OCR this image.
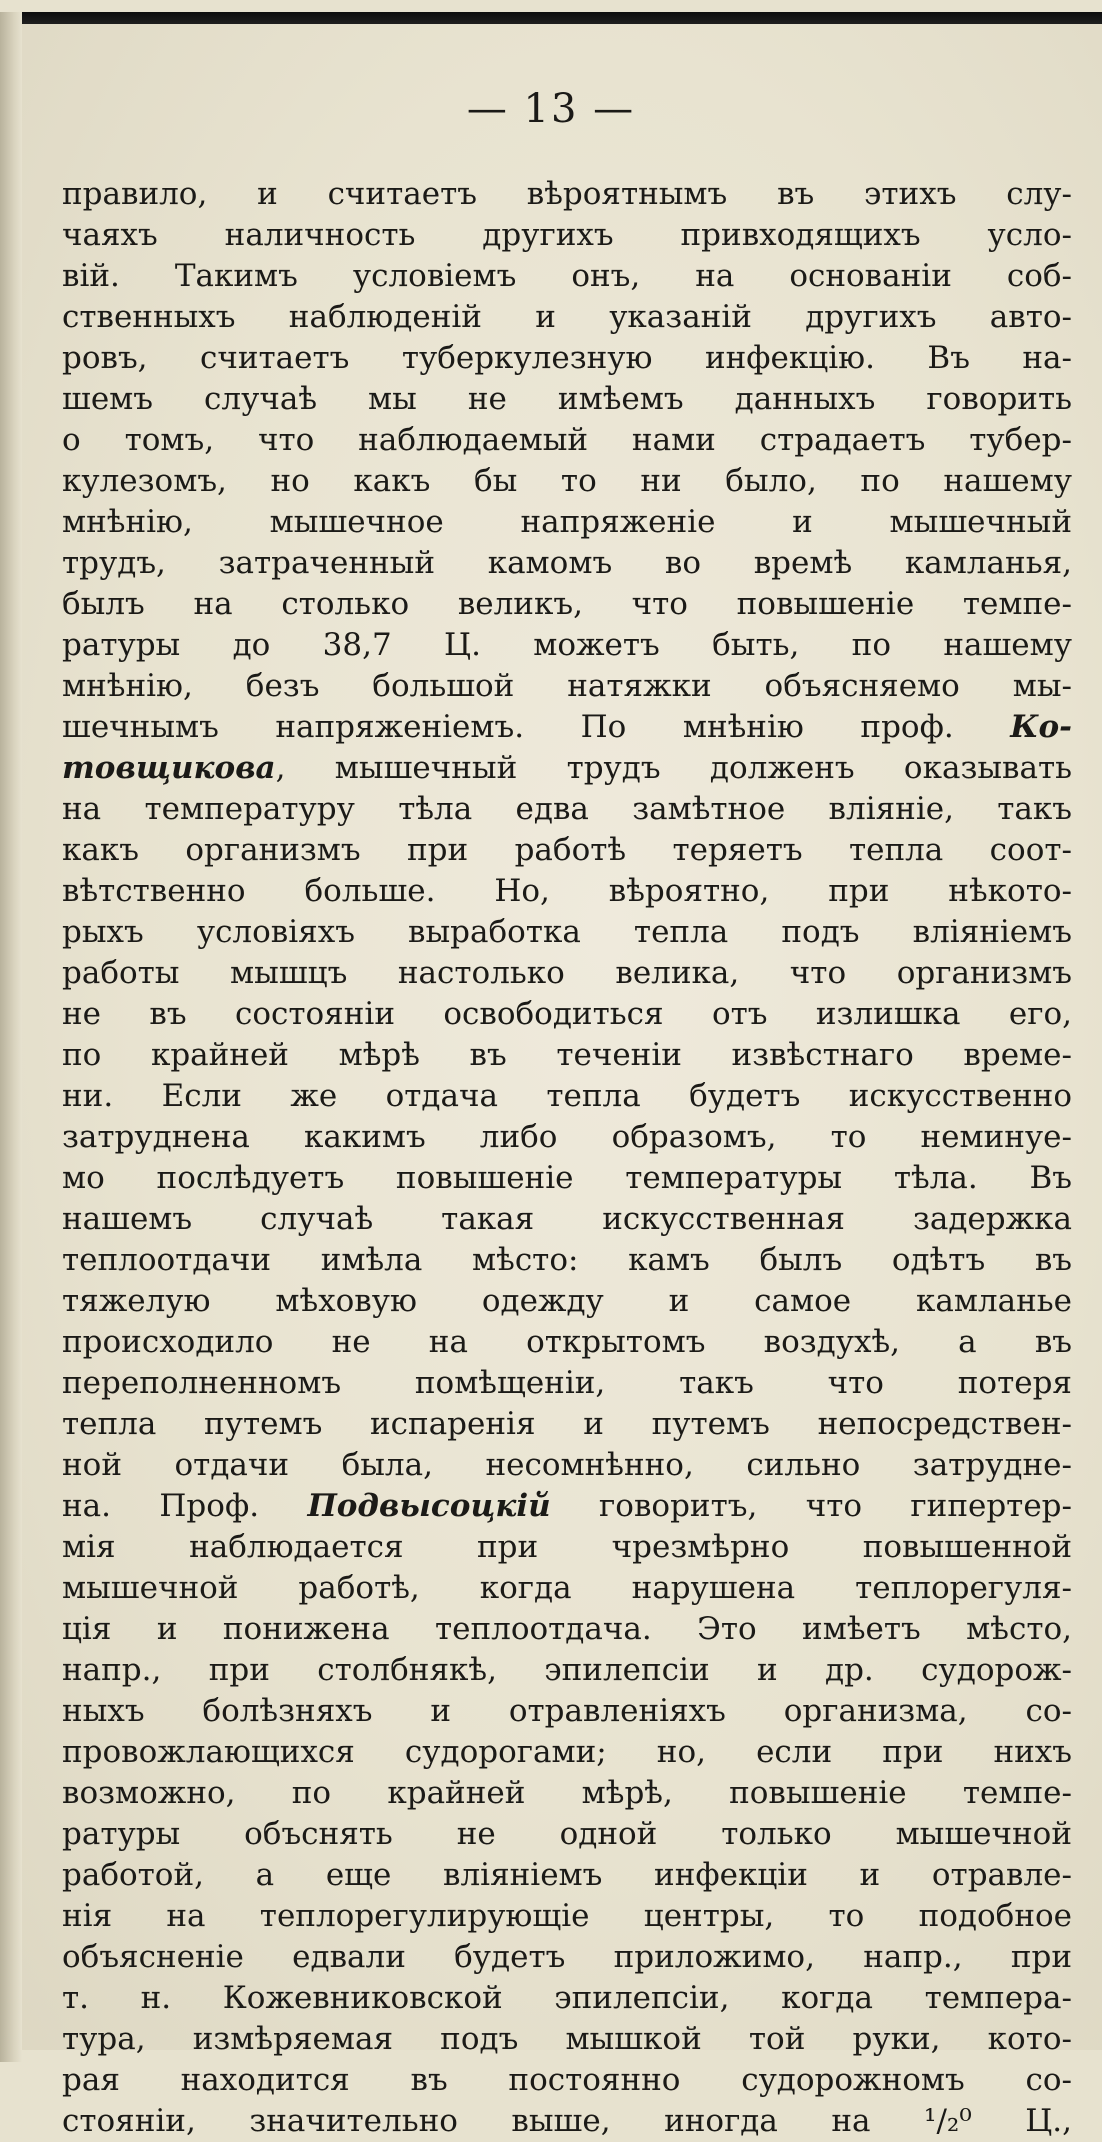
— 13 —
правило, и считаетъ вѣроятнымъ въ этихъ слу-
чаяхъ наличность другихъ привходящихъ усло-
вій. Такимъ условіемъ онъ, на основаніи соб-
ственныхъ наблюденій и указаній другихъ авто-
ровъ, считаетъ туберкулезную инфекцію. Въ на-
шемъ случаѣ мы не имѣемъ данныхъ говорить
о томъ, что наблюдаемый нами страдаетъ тубер-
кулезомъ, но какъ бы то ни было, по нашему
мнѣнію, мышечное напряженіе и мышечный
трудъ, затраченный камомъ во времѣ камланья,
былъ на столько великъ, что повышеніе темпе-
ратуры до 38,7 Ц. можетъ быть, по нашему
мнѣнію, безъ большой натяжки объясняемо мы-
шечнымъ напряженіемъ. По мнѣнію проф. Ко-
товщикова, мышечный трудъ долженъ оказывать
на температуру тѣла едва замѣтное вліяніе, такъ
какъ организмъ при работѣ теряетъ тепла соот-
вѣтственно больше. Но, вѣроятно, при нѣкото-
рыхъ условіяхъ выработка тепла подъ вліяніемъ
работы мышцъ настолько велика, что организмъ
не въ состояніи освободиться отъ излишка его,
по крайней мѣрѣ въ теченіи извѣстнаго време-
ни. Если же отдача тепла будетъ искусственно
затруднена какимъ либо образомъ, то неминуе-
мо послѣдуетъ повышеніе температуры тѣла. Въ
нашемъ случаѣ такая искусственная задержка
теплоотдачи имѣла мѣсто: камъ былъ одѣтъ въ
тяжелую мѣховую одежду и самое камланье
происходило не на открытомъ воздухѣ, а въ
переполненномъ помѣщеніи, такъ что потеря
тепла путемъ испаренія и путемъ непосредствен-
ной отдачи была, несомнѣнно, сильно затрудне-
на. Проф. Подвысоцкій говоритъ, что гипертер-
мія наблюдается при чрезмѣрно повышенной
мышечной работѣ, когда нарушена теплорегуля-
ція и понижена теплоотдача. Это имѣетъ мѣсто,
напр., при столбнякѣ, эпилепсіи и др. судорож-
ныхъ болѣзняхъ и отравленіяхъ организма, со-
провожлающихся судорогами; но, если при нихъ
возможно, по крайней мѣрѣ, повышеніе темпе-
ратуры объснять не одной только мышечной
работой, а еще вліяніемъ инфекціи и отравле-
нія на теплорегулирующіе центры, то подобное
объясненіе едвали будетъ приложимо, напр., при
т. н. Кожевниковской эпилепсіи, когда темпера-
тура, измѣряемая подъ мышкой той руки, кото-
рая находится въ постоянно судорожномъ со-
стояніи, значительно выше, иногда на ¹/₂⁰ Ц.,
